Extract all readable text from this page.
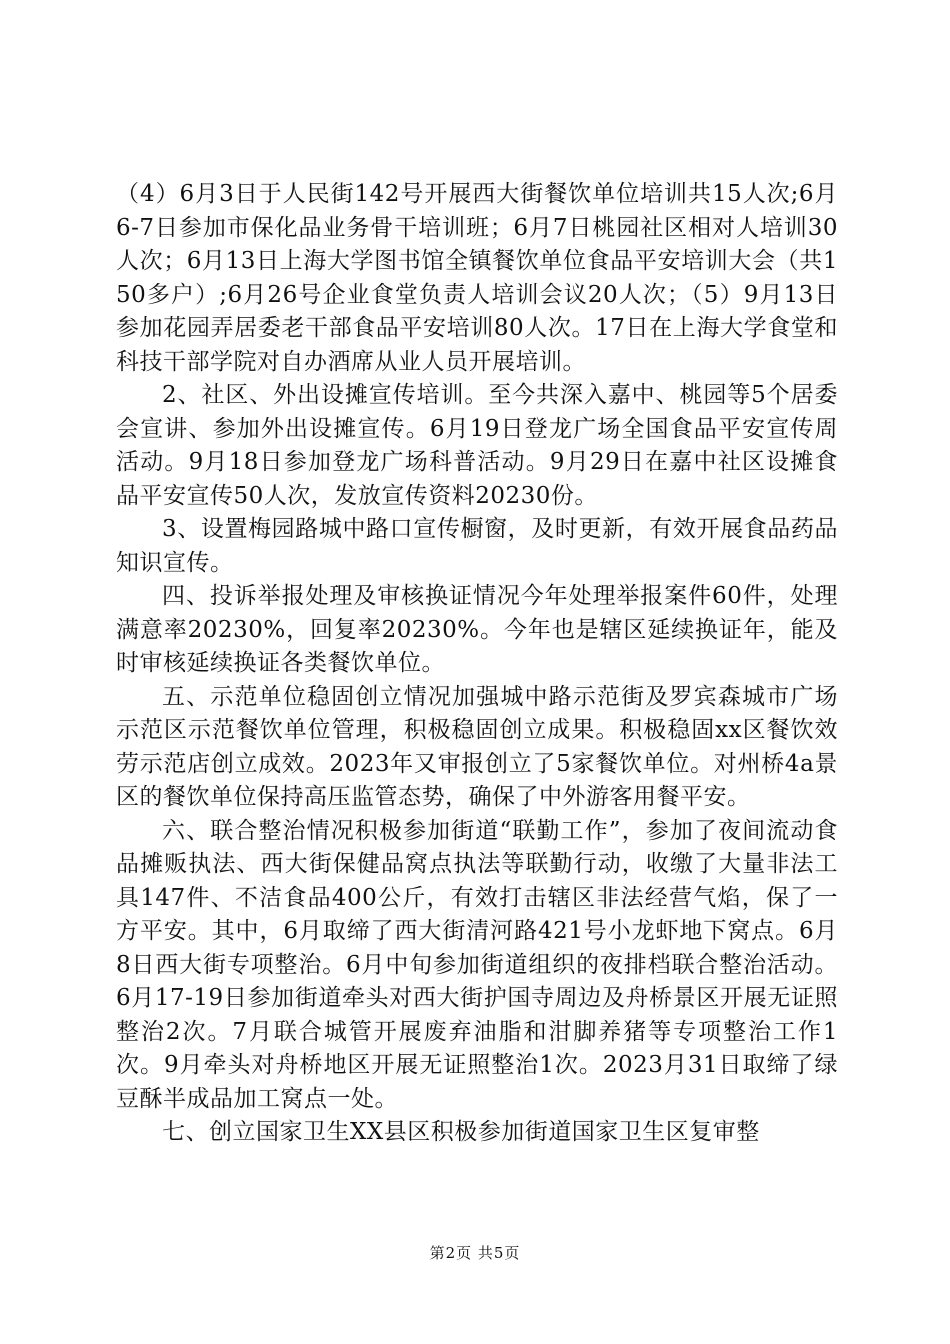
（4）6月3日于人民街142号开展西大街餐饮单位培训共15人次;6月6-7日参加市保化品业务骨干培训班；6月7日桃园社区相对人培训30人次；6月13日上海大学图书馆全镇餐饮单位食品平安培训大会（共150多户）;6月26号企业食堂负责人培训会议20人次；（5）9月13日参加花园弄居委老干部食品平安培训80人次。17日在上海大学食堂和科技干部学院对自办酒席从业人员开展培训。

2、社区、外出设摊宣传培训。至今共深入嘉中、桃园等5个居委会宣讲、参加外出设摊宣传。6月19日登龙广场全国食品平安宣传周活动。9月18日参加登龙广场科普活动。9月29日在嘉中社区设摊食品平安宣传50人次，发放宣传资料20230份。

3、设置梅园路城中路口宣传橱窗，及时更新，有效开展食品药品知识宣传。

四、投诉举报处理及审核换证情况今年处理举报案件60件，处理满意率20230%，回复率20230%。今年也是辖区延续换证年，能及时审核延续换证各类餐饮单位。

五、示范单位稳固创立情况加强城中路示范街及罗宾森城市广场示范区示范餐饮单位管理，积极稳固创立成果。积极稳固xx区餐饮效劳示范店创立成效。2023年又审报创立了5家餐饮单位。对州桥4a景区的餐饮单位保持高压监管态势，确保了中外游客用餐平安。

六、联合整治情况积极参加街道“联勤工作”，参加了夜间流动食品摊贩执法、西大街保健品窝点执法等联勤行动，收缴了大量非法工具147件、不洁食品400公斤，有效打击辖区非法经营气焰，保了一方平安。其中，6月取缔了西大街清河路421号小龙虾地下窝点。6月8日西大街专项整治。6月中旬参加街道组织的夜排档联合整治活动。6月17-19日参加街道牵头对西大街护国寺周边及舟桥景区开展无证照整治2次。7月联合城管开展废弃油脂和泔脚养猪等专项整治工作1次。9月牵头对舟桥地区开展无证照整治1次。2023月31日取缔了绿豆酥半成品加工窝点一处。

七、创立国家卫生XX县区积极参加街道国家卫生区复审整

第2页 共5页
